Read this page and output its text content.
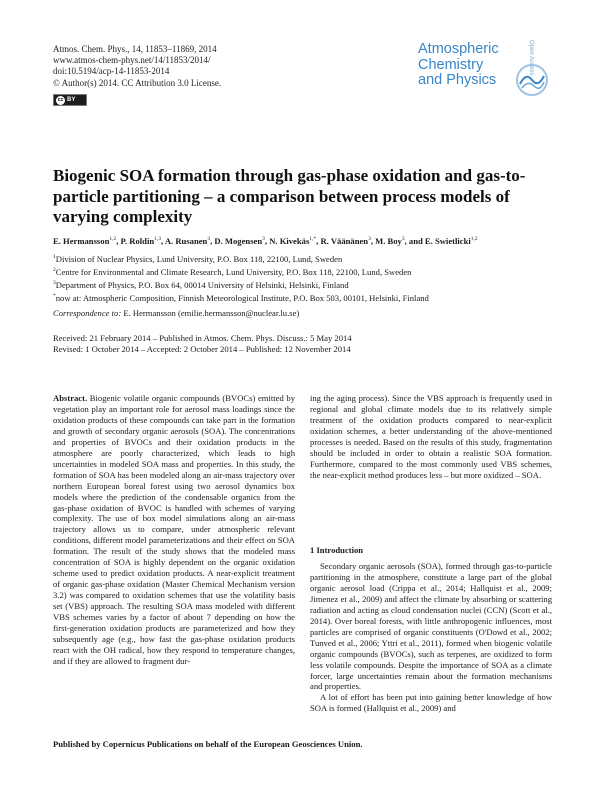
Atmos. Chem. Phys., 14, 11853–11869, 2014
www.atmos-chem-phys.net/14/11853/2014/
doi:10.5194/acp-14-11853-2014
© Author(s) 2014. CC Attribution 3.0 License.
cc BY
Atmospheric
Chemistry
and Physics
Open Access
Biogenic SOA formation through gas-phase oxidation and gas-to-particle partitioning – a comparison between process models of varying complexity
E. Hermansson$^{1,2}$, P. Roldin$^{1,3}$, A. Rusanen$^3$, D. Mogensen$^3$, N. Kivekäs$^{1,*}$, R. Väänänen$^3$, M. Boy$^3$, and E. Swietlicki$^{1,2}$
$^1$Division of Nuclear Physics, Lund University, P.O. Box 118, 22100, Lund, Sweden
$^2$Centre for Environmental and Climate Research, Lund University, P.O. Box 118, 22100, Lund, Sweden
$^3$Department of Physics, P.O. Box 64, 00014 University of Helsinki, Helsinki, Finland
*now at: Atmospheric Composition, Finnish Meteorological Institute, P.O. Box 503, 00101, Helsinki, Finland
Correspondence to: E. Hermansson (emilie.hermansson@nuclear.lu.se)
Received: 21 February 2014 – Published in Atmos. Chem. Phys. Discuss.: 5 May 2014
Revised: 1 October 2014 – Accepted: 2 October 2014 – Published: 12 November 2014
Abstract. Biogenic volatile organic compounds (BVOCs) emitted by vegetation play an important role for aerosol mass loadings since the oxidation products of these compounds can take part in the formation and growth of secondary organic aerosols (SOA). The concentrations and properties of BVOCs and their oxidation products in the atmosphere are poorly characterized, which leads to high uncertainties in modeled SOA mass and properties. In this study, the formation of SOA has been modeled along an air-mass trajectory over northern European boreal forest using two aerosol dynamics box models where the prediction of the condensable organics from the gas-phase oxidation of BVOC is handled with schemes of varying complexity. The use of box model simulations along an air-mass trajectory allows us to compare, under atmospheric relevant conditions, different model parameterizations and their effect on SOA formation. The result of the study shows that the modeled mass concentration of SOA is highly dependent on the organic oxidation scheme used to predict oxidation products. A near-explicit treatment of organic gas-phase oxidation (Master Chemical Mechanism version 3.2) was compared to oxidation schemes that use the volatility basis set (VBS) approach. The resulting SOA mass modeled with different VBS schemes varies by a factor of about 7 depending on how the first-generation oxidation products are parameterized and how they subsequently age (e.g., how fast the gas-phase oxidation products react with the OH radical, how they respond to temperature changes, and if they are allowed to fragment dur-
ing the aging process). Since the VBS approach is frequently used in regional and global climate models due to its relatively simple treatment of the oxidation products compared to near-explicit oxidation schemes, a better understanding of the above-mentioned processes is needed. Based on the results of this study, fragmentation should be included in order to obtain a realistic SOA formation. Furthermore, compared to the most commonly used VBS schemes, the near-explicit method produces less – but more oxidized – SOA.
1 Introduction

Secondary organic aerosols (SOA), formed through gas-to-particle partitioning in the atmosphere, constitute a large part of the global organic aerosol load (Crippa et al., 2014; Hallquist et al., 2009; Jimenez et al., 2009) and affect the climate by absorbing or scattering radiation and acting as cloud condensation nuclei (CCN) (Scott et al., 2014). Over boreal forests, with little anthropogenic influences, most particles are comprised of organic constituents (O'Dowd et al., 2002; Tunved et al., 2006; Yttri et al., 2011), formed when biogenic volatile organic compounds (BVOCs), such as terpenes, are oxidized to form less volatile compounds. Despite the importance of SOA as a climate forcer, large uncertainties remain about the formation mechanisms and properties.

A lot of effort has been put into gaining better knowledge of how SOA is formed (Hallquist et al., 2009) and

Published by Copernicus Publications on behalf of the European Geosciences Union.
